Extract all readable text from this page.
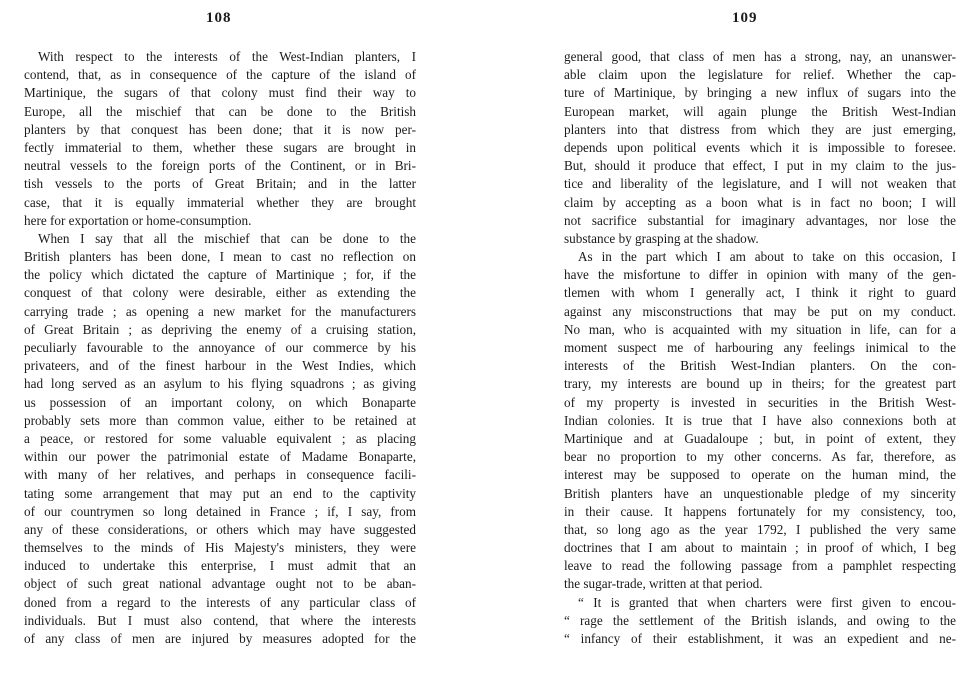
108
With respect to the interests of the West-Indian planters, I
contend, that, as in consequence of the capture of the island of
Martinique, the sugars of that colony must find their way to
Europe, all the mischief that can be done to the British
planters by that conquest has been done; that it is now per-
fectly immaterial to them, whether these sugars are brought in
neutral vessels to the foreign ports of the Continent, or in Bri-
tish vessels to the ports of Great Britain; and in the latter
case, that it is equally immaterial whether they are brought
here for exportation or home-consumption.
When I say that all the mischief that can be done to the
British planters has been done, I mean to cast no reflection on
the policy which dictated the capture of Martinique ; for, if the
conquest of that colony were desirable, either as extending the
carrying trade ; as opening a new market for the manufacturers
of Great Britain ; as depriving the enemy of a cruising station,
peculiarly favourable to the annoyance of our commerce by his
privateers, and of the finest harbour in the West Indies, which
had long served as an asylum to his flying squadrons ; as giving
us possession of an important colony, on which Bonaparte
probably sets more than common value, either to be retained at
a peace, or restored for some valuable equivalent ; as placing
within our power the patrimonial estate of Madame Bonaparte,
with many of her relatives, and perhaps in consequence facili-
tating some arrangement that may put an end to the captivity
of our countrymen so long detained in France ; if, I say, from
any of these considerations, or others which may have suggested
themselves to the minds of His Majesty's ministers, they were
induced to undertake this enterprise, I must admit that an
object of such great national advantage ought not to be aban-
doned from a regard to the interests of any particular class of
individuals. But I must also contend, that where the interests
of any class of men are injured by measures adopted for the
109
general good, that class of men has a strong, nay, an unanswer-
able claim upon the legislature for relief. Whether the cap-
ture of Martinique, by bringing a new influx of sugars into the
European market, will again plunge the British West-Indian
planters into that distress from which they are just emerging,
depends upon political events which it is impossible to foresee.
But, should it produce that effect, I put in my claim to the jus-
tice and liberality of the legislature, and I will not weaken that
claim by accepting as a boon what is in fact no boon; I will
not sacrifice substantial for imaginary advantages, nor lose the
substance by grasping at the shadow.
As in the part which I am about to take on this occasion, I
have the misfortune to differ in opinion with many of the gen-
tlemen with whom I generally act, I think it right to guard
against any misconstructions that may be put on my conduct.
No man, who is acquainted with my situation in life, can for a
moment suspect me of harbouring any feelings inimical to the
interests of the British West-Indian planters. On the con-
trary, my interests are bound up in theirs; for the greatest part
of my property is invested in securities in the British West-
Indian colonies. It is true that I have also connexions both at
Martinique and at Guadaloupe ; but, in point of extent, they
bear no proportion to my other concerns. As far, therefore, as
interest may be supposed to operate on the human mind, the
British planters have an unquestionable pledge of my sincerity
in their cause. It happens fortunately for my consistency, too,
that, so long ago as the year 1792, I published the very same
doctrines that I am about to maintain ; in proof of which, I beg
leave to read the following passage from a pamphlet respecting
the sugar-trade, written at that period.
“ It is granted that when charters were first given to encou-
“ rage the settlement of the British islands, and owing to the
“ infancy of their establishment, it was an expedient and ne-
